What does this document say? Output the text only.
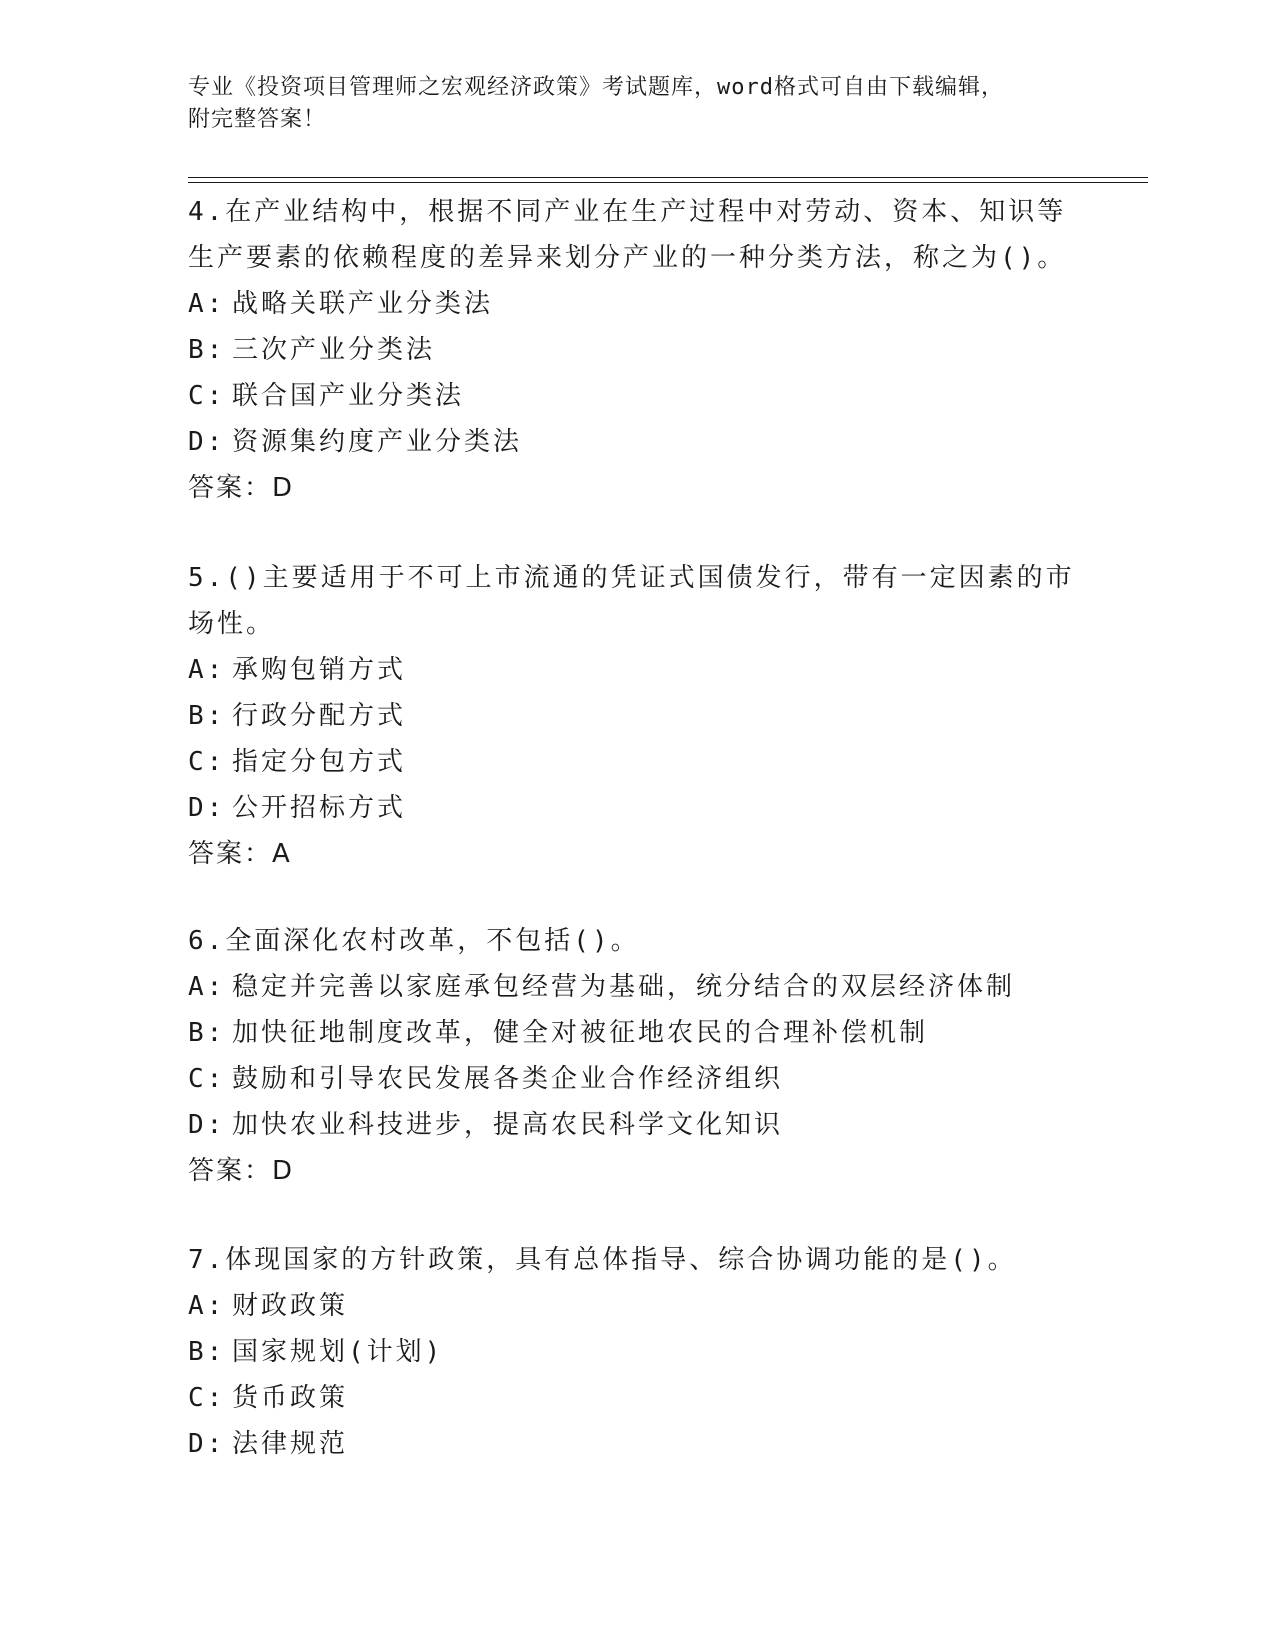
专业《投资项目管理师之宏观经济政策》考试题库，word格式可自由下载编辑，
附完整答案！
4.在产业结构中，根据不同产业在生产过程中对劳动、资本、知识等
生产要素的依赖程度的差异来划分产业的一种分类方法，称之为()。
A: 战略关联产业分类法
B: 三次产业分类法
C: 联合国产业分类法
D: 资源集约度产业分类法
答案：D
5.()主要适用于不可上市流通的凭证式国债发行，带有一定因素的市
场性。
A: 承购包销方式
B: 行政分配方式
C: 指定分包方式
D: 公开招标方式
答案：A
6.全面深化农村改革，不包括()。
A: 稳定并完善以家庭承包经营为基础，统分结合的双层经济体制
B: 加快征地制度改革，健全对被征地农民的合理补偿机制
C: 鼓励和引导农民发展各类企业合作经济组织
D: 加快农业科技进步，提高农民科学文化知识
答案：D
7.体现国家的方针政策，具有总体指导、综合协调功能的是()。
A: 财政政策
B: 国家规划(计划)
C: 货币政策
D: 法律规范
